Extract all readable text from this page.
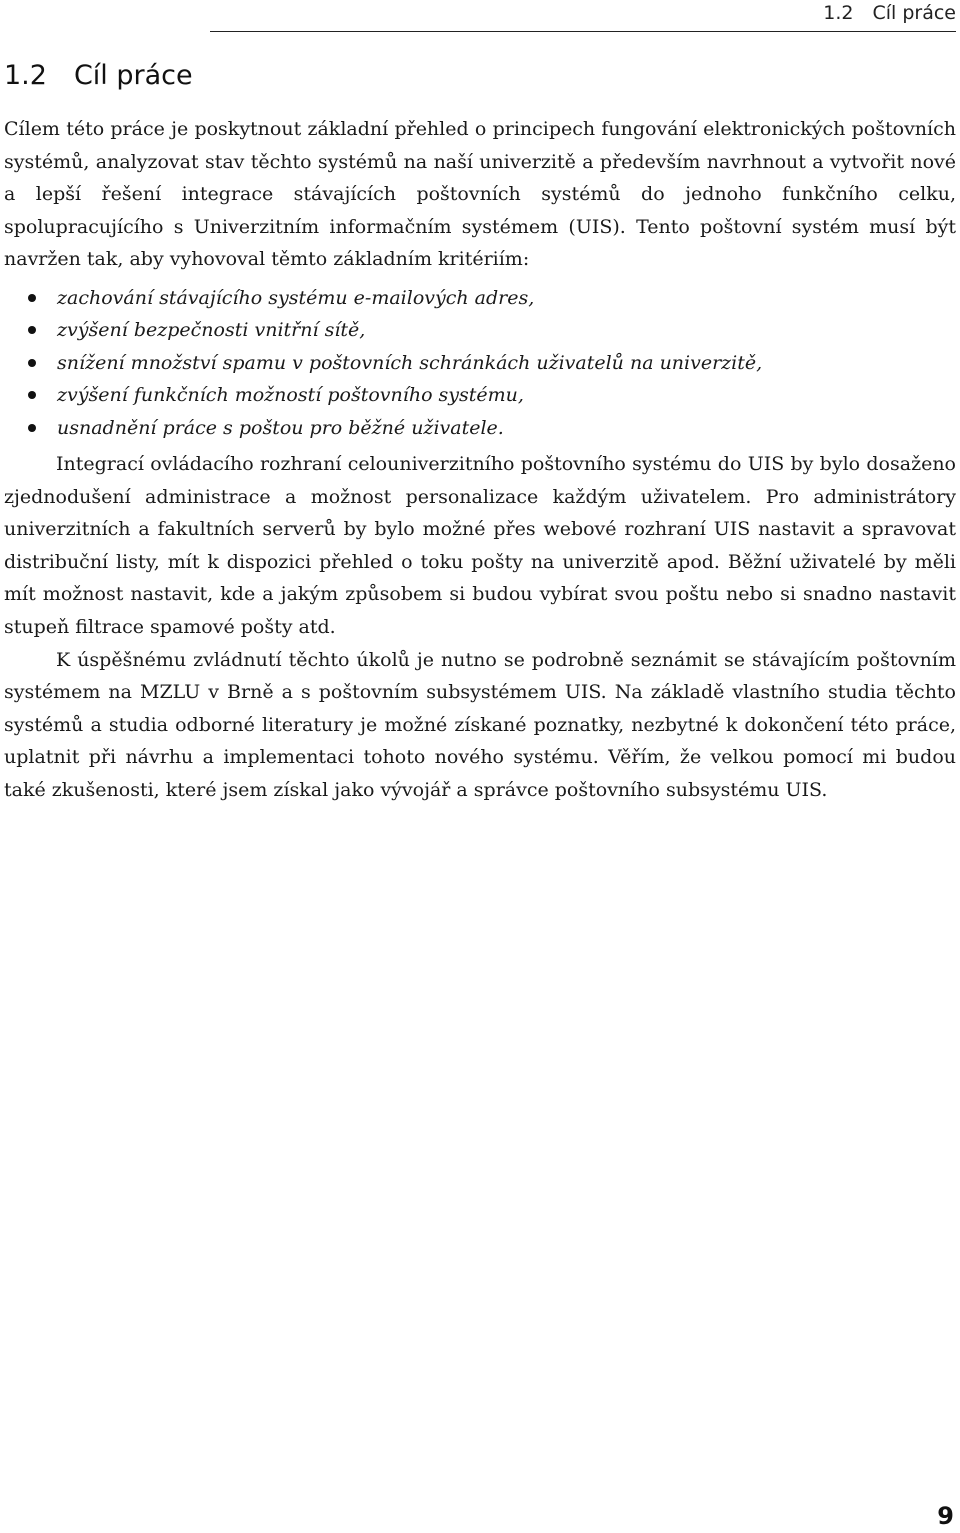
1.2 Cíl práce
1.2 Cíl práce

Cílem této práce je poskytnout základní přehled o principech fungování elektronických poštovních systémů, analyzovat stav těchto systémů na naší univerzitě a především navrhnout a vytvořit nové a lepší řešení integrace stávajících poštovních systémů do jednoho funkčního celku, spolupracujícího s Univerzitním informačním systémem (UIS). Tento poštovní systém musí být navržen tak, aby vyhovoval těmto základním kritériím:

zachování stávajícího systému e-mailových adres,
zvýšení bezpečnosti vnitřní sítě,
snížení množství spamu v poštovních schránkách uživatelů na univerzitě,
zvýšení funkčních možností poštovního systému,
usnadnění práce s poštou pro běžné uživatele.

Integrací ovládacího rozhraní celouniverzitního poštovního systému do UIS by bylo dosaženo zjednodušení administrace a možnost personalizace každým uživatelem. Pro administrátory univerzitních a fakultních serverů by bylo možné přes webové rozhraní UIS nastavit a spravovat distribuční listy, mít k dispozici přehled o toku pošty na univerzitě apod. Běžní uživatelé by měli mít možnost nastavit, kde a jakým způsobem si budou vybírat svou poštu nebo si snadno nastavit stupeň filtrace spamové pošty atd.

K úspěšnému zvládnutí těchto úkolů je nutno se podrobně seznámit se stávajícím poštovním systémem na MZLU v Brně a s poštovním subsystémem UIS. Na základě vlastního studia těchto systémů a studia odborné literatury je možné získané poznatky, nezbytné k dokončení této práce, uplatnit při návrhu a implementaci tohoto nového systému. Věřím, že velkou pomocí mi budou také zkušenosti, které jsem získal jako vývojář a správce poštovního subsystému UIS.

9
